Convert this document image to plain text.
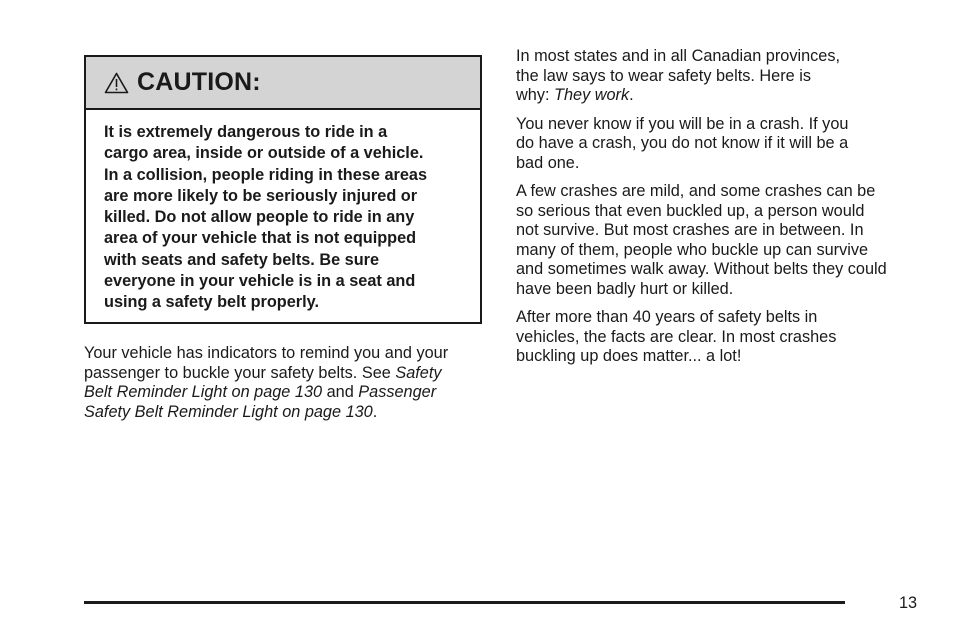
CAUTION:
It is extremely dangerous to ride in a
cargo area, inside or outside of a vehicle.
In a collision, people riding in these areas
are more likely to be seriously injured or
killed. Do not allow people to ride in any
area of your vehicle that is not equipped
with seats and safety belts. Be sure
everyone in your vehicle is in a seat and
using a safety belt properly.

Your vehicle has indicators to remind you and your
passenger to buckle your safety belts. See Safety
Belt Reminder Light on page 130 and Passenger
Safety Belt Reminder Light on page 130.

In most states and in all Canadian provinces,
the law says to wear safety belts. Here is
why: They work.

You never know if you will be in a crash. If you
do have a crash, you do not know if it will be a
bad one.

A few crashes are mild, and some crashes can be
so serious that even buckled up, a person would
not survive. But most crashes are in between. In
many of them, people who buckle up can survive
and sometimes walk away. Without belts they could
have been badly hurt or killed.

After more than 40 years of safety belts in
vehicles, the facts are clear. In most crashes
buckling up does matter... a lot!

13
